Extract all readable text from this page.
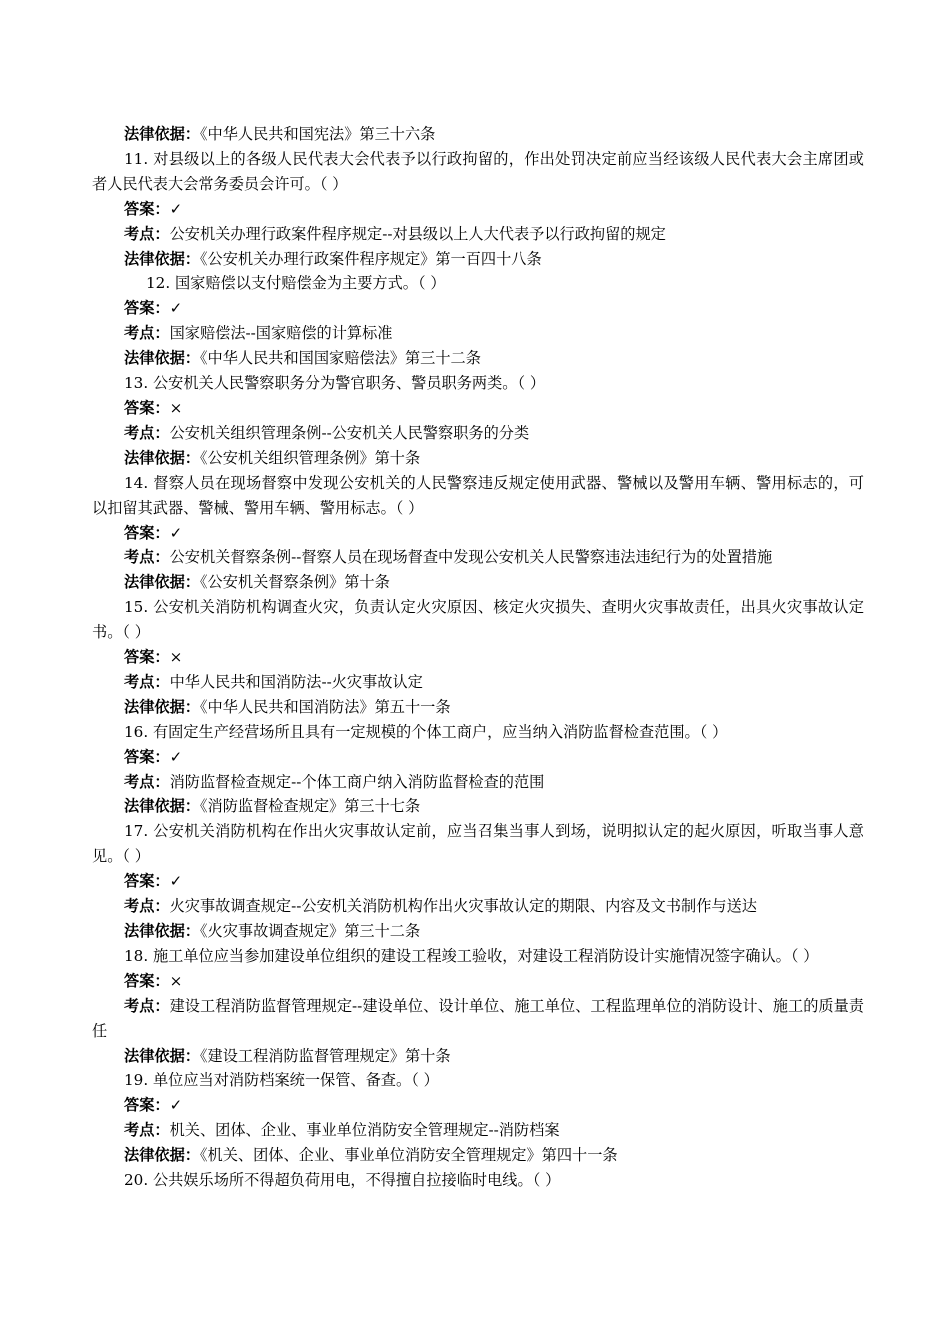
法律依据：《中华人民共和国宪法》第三十六条
11. 对县级以上的各级人民代表大会代表予以行政拘留的，作出处罚决定前应当经该级人民代表大会主席团或者人民代表大会常务委员会许可。（ ）
答案：✓
考点：公安机关办理行政案件程序规定--对县级以上人大代表予以行政拘留的规定
法律依据：《公安机关办理行政案件程序规定》第一百四十八条
12. 国家赔偿以支付赔偿金为主要方式。（ ）
答案：✓
考点：国家赔偿法--国家赔偿的计算标准
法律依据：《中华人民共和国国家赔偿法》第三十二条
13. 公安机关人民警察职务分为警官职务、警员职务两类。（ ）
答案：×
考点：公安机关组织管理条例--公安机关人民警察职务的分类
法律依据：《公安机关组织管理条例》第十条
14. 督察人员在现场督察中发现公安机关的人民警察违反规定使用武器、警械以及警用车辆、警用标志的，可以扣留其武器、警械、警用车辆、警用标志。（ ）
答案：✓
考点：公安机关督察条例--督察人员在现场督查中发现公安机关人民警察违法违纪行为的处置措施
法律依据：《公安机关督察条例》第十条
15. 公安机关消防机构调查火灾，负责认定火灾原因、核定火灾损失、查明火灾事故责任，出具火灾事故认定书。（ ）
答案：×
考点：中华人民共和国消防法--火灾事故认定
法律依据：《中华人民共和国消防法》第五十一条
16. 有固定生产经营场所且具有一定规模的个体工商户，应当纳入消防监督检查范围。（ ）
答案：✓
考点：消防监督检查规定--个体工商户纳入消防监督检查的范围
法律依据：《消防监督检查规定》第三十七条
17. 公安机关消防机构在作出火灾事故认定前，应当召集当事人到场，说明拟认定的起火原因，听取当事人意见。（ ）
答案：✓
考点：火灾事故调查规定--公安机关消防机构作出火灾事故认定的期限、内容及文书制作与送达
法律依据：《火灾事故调查规定》第三十二条
18. 施工单位应当参加建设单位组织的建设工程竣工验收，对建设工程消防设计实施情况签字确认。（ ）
答案：×
考点：建设工程消防监督管理规定--建设单位、设计单位、施工单位、工程监理单位的消防设计、施工的质量责任
法律依据：《建设工程消防监督管理规定》第十条
19. 单位应当对消防档案统一保管、备查。（ ）
答案：✓
考点：机关、团体、企业、事业单位消防安全管理规定--消防档案
法律依据：《机关、团体、企业、事业单位消防安全管理规定》第四十一条
20. 公共娱乐场所不得超负荷用电，不得擅自拉接临时电线。（ ）
